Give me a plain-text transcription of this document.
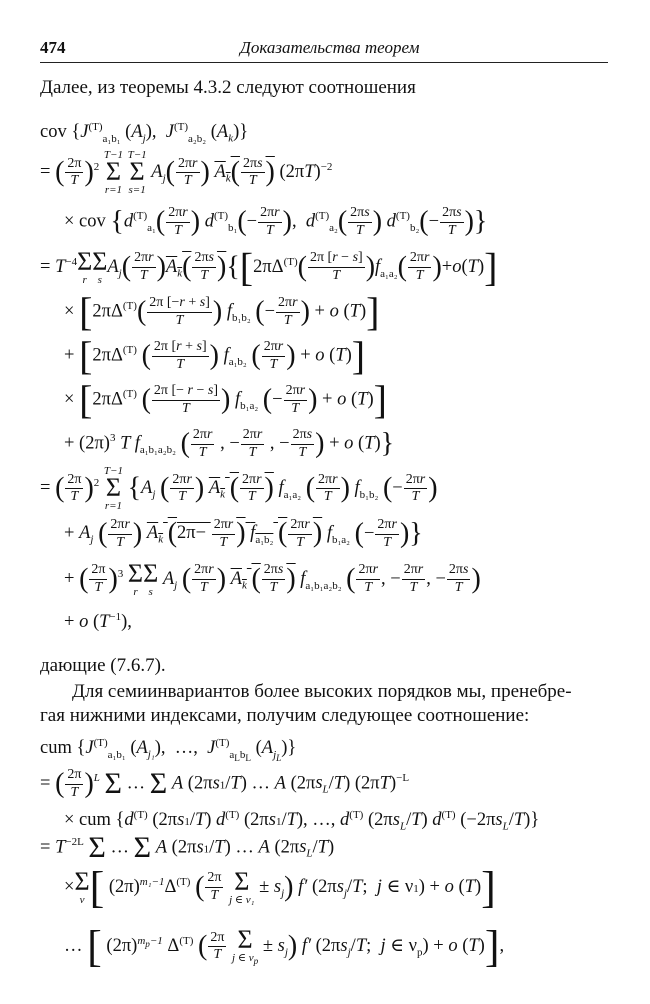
474	Доказательства теорем
Далее, из теоремы 4.3.2 следуют соотношения
cov {$J^{(T)}_{a_1b_1}$ $(A_j)$,  $J^{(T)}_{a_2b_2}$ $(A_k)$}
= ( $\frac{2\pi}{T} )^2$
T−1
Σ
r=1

T−1
Σ
s=1
$A_j( \frac{2\pi r}{T}$ ) $A_k( \frac{2\pi s}{T}$ ) $(2\pi T)^{-2}$
× cov {$d^{(T)}_{a_1}( \frac{2\pi r}{T}$ ) $d^{(T)}_{b_1}(- \frac{2\pi r}{T}$ ),  $d^{(T)}_{a_2}( \frac{2\pi s}{T}$ ) $d^{(T)}_{b_2}(- \frac{2\pi s}{T}$ )}
= $T^{-4}$ Σ
r
Σ
s
$A_j( \frac{2\pi r}{T} )A_k( \frac{2\pi s}{T} )\{[2\pi\Delta^{(T)}( \frac{2\pi [r - s]}{T} )f_{a_1a_2}( \frac{2\pi r}{T} )+o(T)]$
× [$2\pi\Delta^{(T)}( \frac{2\pi [-r + s]}{T}$ ) $f_{b_1b_2}$ (− $\frac{2\pi r}{T}$ ) + o (T)]
+ [$2\pi\Delta^{(T)}$ ( $\frac{2\pi [r + s]}{T}$ ) $f_{a_1b_2}$ ( $\frac{2\pi r}{T}$ ) + o (T)]
× [$2\pi\Delta^{(T)}$ ( $\frac{2\pi [- r - s]}{T}$ ) $f_{b_1a_2}$ (− $\frac{2\pi r}{T}$ ) + o (T)]
+ $(2\pi)^3$ T $f_{a_1b_1a_2b_2}$ ( $\frac{2\pi r}{T}$ , − $\frac{2\pi r}{T}$ , − $\frac{2\pi s}{T}$ ) + o (T)}
= ( $\frac{2\pi}{T} )^2$
T−1
Σ
r=1
{$A_j$ ( $\frac{2\pi r}{T}$ ) $A_k$ ( $\frac{2\pi r}{T}$ ) $f_{a_1a_2}$ ( $\frac{2\pi r}{T}$ ) $f_{b_1b_2}$ (− $\frac{2\pi r}{T}$ )
+ $A_j$ ( $\frac{2\pi r}{T}$ ) $A_k$ ($2\pi- \frac{2\pi r}{T}$ ) $f_{a_1b_2}$ ( $\frac{2\pi r}{T}$ ) $f_{b_1a_2}$ (− $\frac{2\pi r}{T}$ )}
+ ( $\frac{2\pi}{T} )^3$ Σ
r
Σ
s
$A_j$ ( $\frac{2\pi r}{T}$ ) $A_k$ ( $\frac{2\pi s}{T}$ ) $f_{a_1b_1a_2b_2}$ ( $\frac{2\pi r}{T}$ , − $\frac{2\pi r}{T}$ , − $\frac{2\pi s}{T}$ )
+ o $(T^{-1})$,
дающие (7.6.7).
Для семиинвариантов более высоких порядков мы, пренебре-
гая нижними индексами, получим следующее соотношение:
cum {$J^{(T)}_{a_1b_1}$ $(A_{j_1})$,  …,  $J^{(T)}_{a_Lb_L}$ $(A_{j_L})$}
= ( $\frac{2\pi}{T} )^L$ Σ … Σ A (2πs1/T) … A $(2\pi s_L/T)$ $(2\pi T)^{-L}$
× cum {$d^{(T)}$ (2πs1/T) $d^{(T)}$ (2πs1/T), …, $d^{(T)}$ $(2\pi s_L/T)$ $d^{(T)}$ $(-2\pi s_L/T)$}
= $T^{-2L}$ Σ … Σ A (2πs1/T) … A $(2\pi s_L/T)$
× Σ
ν [ $(2\pi)^{m_1-1}\Delta^{(T)}$ ( $\frac{2\pi}{T}$
Σ
j ∈ ν₁
± $s_j$) f′ ($2\pi s_j/T$;  j ∈ ν1) + o (T)]
… [ $(2\pi)^{m_p-1}$ $\Delta^{(T)}$ ( $\frac{2\pi}{T}$
Σ
j ∈ $\nu_p$
± $s_j$) f′ ($2\pi s_j/T$;  j ∈ $\nu_p) + o$ (T)],
